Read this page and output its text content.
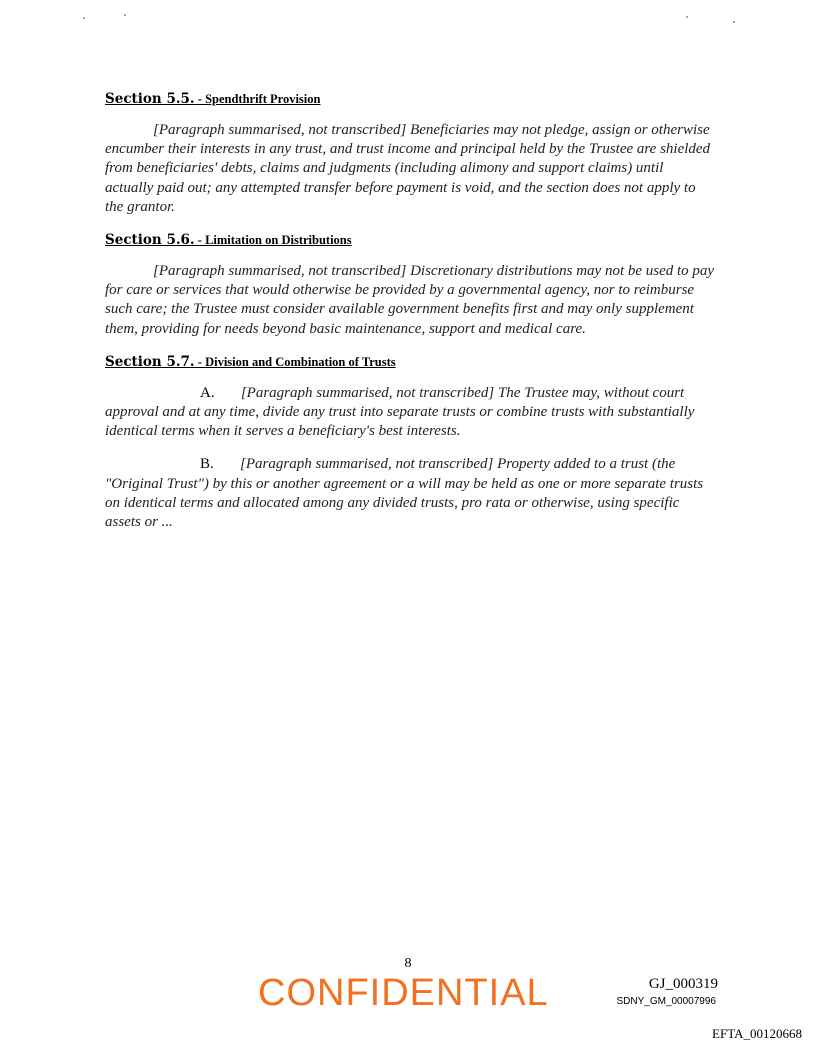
Section 5.5. - Spendthrift Provision

[Paragraph summarised, not transcribed] Beneficiaries may not pledge, assign or otherwise encumber their interests in any trust, and trust income and principal held by the Trustee are shielded from beneficiaries' debts, claims and judgments (including alimony and support claims) until actually paid out; any attempted transfer before payment is void, and the section does not apply to the grantor.

Section 5.6. - Limitation on Distributions

[Paragraph summarised, not transcribed] Discretionary distributions may not be used to pay for care or services that would otherwise be provided by a governmental agency, nor to reimburse such care; the Trustee must consider available government benefits first and may only supplement them, providing for needs beyond basic maintenance, support and medical care.

Section 5.7. - Division and Combination of Trusts

A. [Paragraph summarised, not transcribed] The Trustee may, without court approval and at any time, divide any trust into separate trusts or combine trusts with substantially identical terms when it serves a beneficiary's best interests.

B. [Paragraph summarised, not transcribed] Property added to a trust (the "Original Trust") by this or another agreement or a will may be held as one or more separate trusts on identical terms and allocated among any divided trusts, pro rata or otherwise, using specific assets or ...

8
CONFIDENTIAL	GJ_000319
SDNY_GM_00007996
EFTA_00120668
